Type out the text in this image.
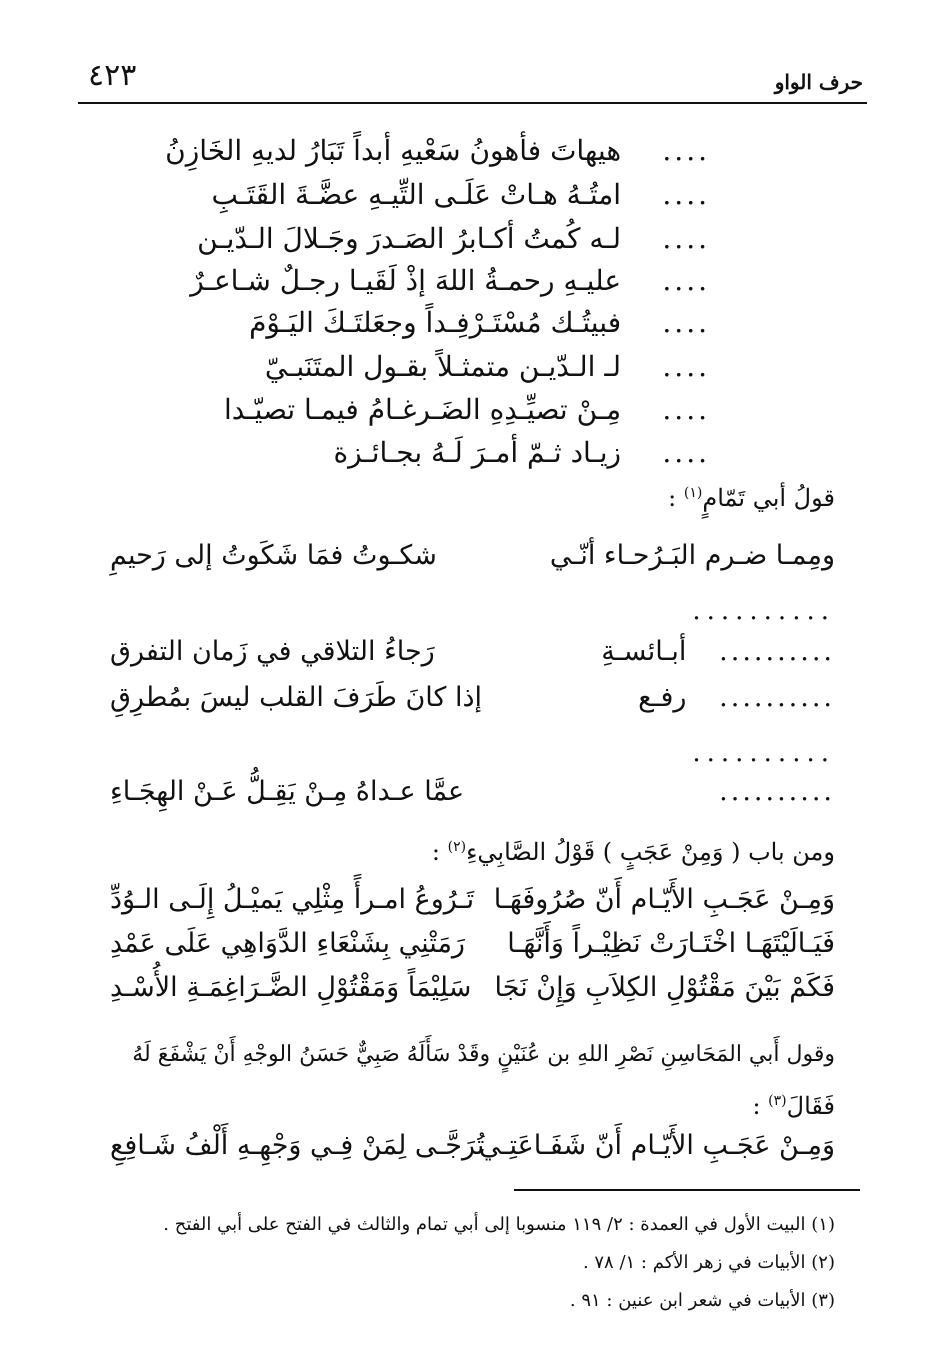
٤٢٣	حرف الواو
.... هيهاتَ فأهونُ سَعْيهِ أبداً تَبَارُ لديهِ الخَازِنُ
.... امتُـهُ هـاتْ عَلَـى التِّيـهِ عضَّـةَ القَتَـبِ
.... لـه كُمتُ أكـابرُ الصَـدرَ وجَـلالَ الـدّيـن
.... عليـهِ رحمـةُ اللهَ إذْ لَقَيـا رجـلٌ شـاعـرٌ
.... فبيتُـك مُسْتَـرْفِـداً وجعَلتَـكَ اليَـوْمَ
.... لـ الـدّيـن متمثـلاً بقـول المتَنَبـيّ
.... مِـنْ تصيِّـدِهِ الضَـرغـامُ فيمـا تصيّـدا
.... زيـاد ثـمّ أمـرَ لَـهُ بجـائـزة
قولُ أبي تَمّامٍ$^{(١)}$ :
ومِمـا ضـرم البَـرُحـاء أنّـي
شكـوتُ فمَا شَكَوتُ إلى رَحيمِ
..........
.......... أبـائسـةِ
رَجاءُ التلاقي في زَمان التفرق
.......... رفـع
إذا كانَ طَرَفَ القلب ليسَ بمُطرِقِ
..........
..........
عمَّا عـداهُ مِـنْ يَقِـلُّ عَـنْ الهِجَـاءِ
ومن باب ( وَمِنْ عَجَبٍ ) قَوْلُ الصَّابِيءِ$^{(٢)}$ :
وَمِـنْ عَجَـبِ الأَيّـام أَنّ صُرُوفَهَـا
تَـرُوعُ امـرأً مِثْلِي يَميْـلُ إِلَـى الـوُدِّ
فَيَـالَيْتَهَـا اخْتَـارَتْ نَظِيْـراً وَأَنَّهَـا
رَمَتْنِي بِشَنْعَاءِ الدَّوَاهِي عَلَى عَمْدِ
فَكَمْ بَيْنَ مَقْتُوْلِ الكِلاَبِ وَإِنْ نَجَا
سَلِيْمَاً وَمَقْتُوْلِ الضَّـرَاغِمَـةِ الأُسْـدِ
وقول أَبي المَحَاسِنِ نَصْرِ اللهِ بن عُنَيْنٍ وقَدْ سَأَلَهُ صَبِيٌّ حَسَنُ الوجْهِ أَنْ يَشْفَعَ لَهُ
فَقَالَ$^{(٣)}$ :
وَمِـنْ عَجَـبِ الأَيّـام أَنّ شَفَـاعَتِـي
تُرَجَّـى لِمَنْ فِـي وَجْهِـهِ أَلْفُ شَـافِعِ
(١) البيت الأول في العمدة : ٢/ ١١٩ منسوبا إلى أبي تمام والثالث في الفتح على أبي الفتح .
(٢) الأبيات في زهر الأكم : ١/ ٧٨ .
(٣) الأبيات في شعر ابن عنين : ٩١ .
